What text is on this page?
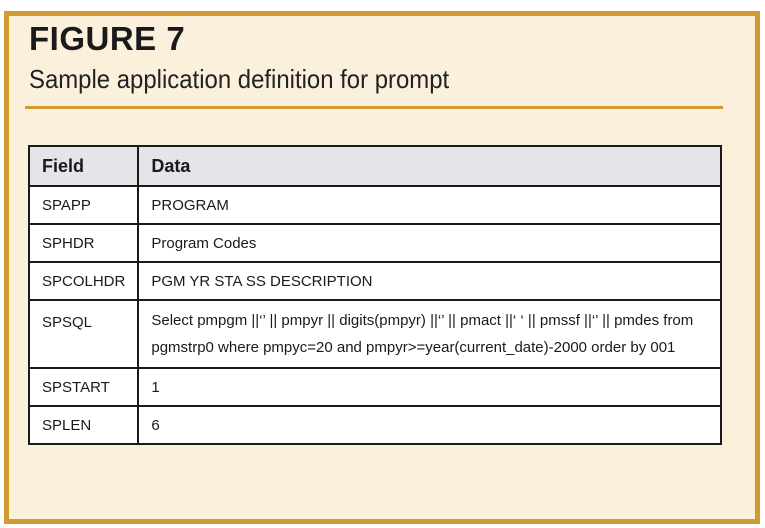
FIGURE 7
Sample application definition for prompt
Field	Data
SPAPP	PROGRAM
SPHDR	Program Codes
SPCOLHDR	PGM YR STA SS DESCRIPTION
SPSQL	Select pmpgm ||‘’ || pmpyr || digits(pmpyr) ||‘’ || pmact ||‘ ‘ || pmssf ||‘’ || pmdes from
pgmstrp0 where pmpyc=20 and pmpyr>=year(current_date)-2000 order by 001

SPSTART	1
SPLEN	6
